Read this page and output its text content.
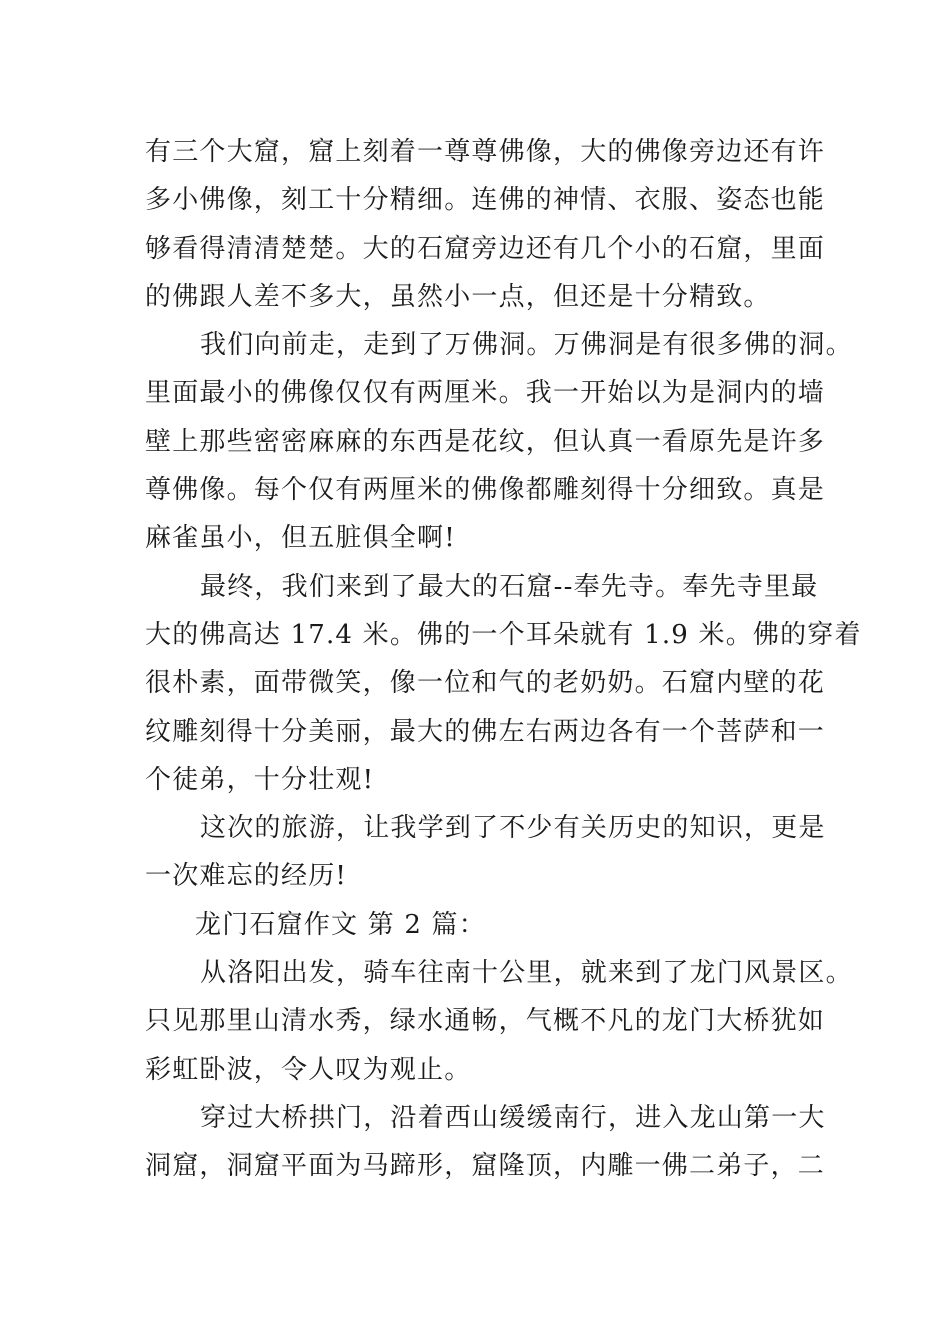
有三个大窟，窟上刻着一尊尊佛像，大的佛像旁边还有许
多小佛像，刻工十分精细。连佛的神情、衣服、姿态也能
够看得清清楚楚。大的石窟旁边还有几个小的石窟，里面
的佛跟人差不多大，虽然小一点，但还是十分精致。
我们向前走，走到了万佛洞。万佛洞是有很多佛的洞。
里面最小的佛像仅仅有两厘米。我一开始以为是洞内的墙
壁上那些密密麻麻的东西是花纹，但认真一看原先是许多
尊佛像。每个仅有两厘米的佛像都雕刻得十分细致。真是
麻雀虽小，但五脏俱全啊!
最终，我们来到了最大的石窟--奉先寺。奉先寺里最
大的佛高达 17.4 米。佛的一个耳朵就有 1.9 米。佛的穿着
很朴素，面带微笑，像一位和气的老奶奶。石窟内壁的花
纹雕刻得十分美丽，最大的佛左右两边各有一个菩萨和一
个徒弟，十分壮观!
这次的旅游，让我学到了不少有关历史的知识，更是
一次难忘的经历!
龙门石窟作文 第 2 篇：
从洛阳出发，骑车往南十公里，就来到了龙门风景区。
只见那里山清水秀，绿水通畅，气概不凡的龙门大桥犹如
彩虹卧波，令人叹为观止。
穿过大桥拱门，沿着西山缓缓南行，进入龙山第一大
洞窟，洞窟平面为马蹄形，窟隆顶，内雕一佛二弟子，二
